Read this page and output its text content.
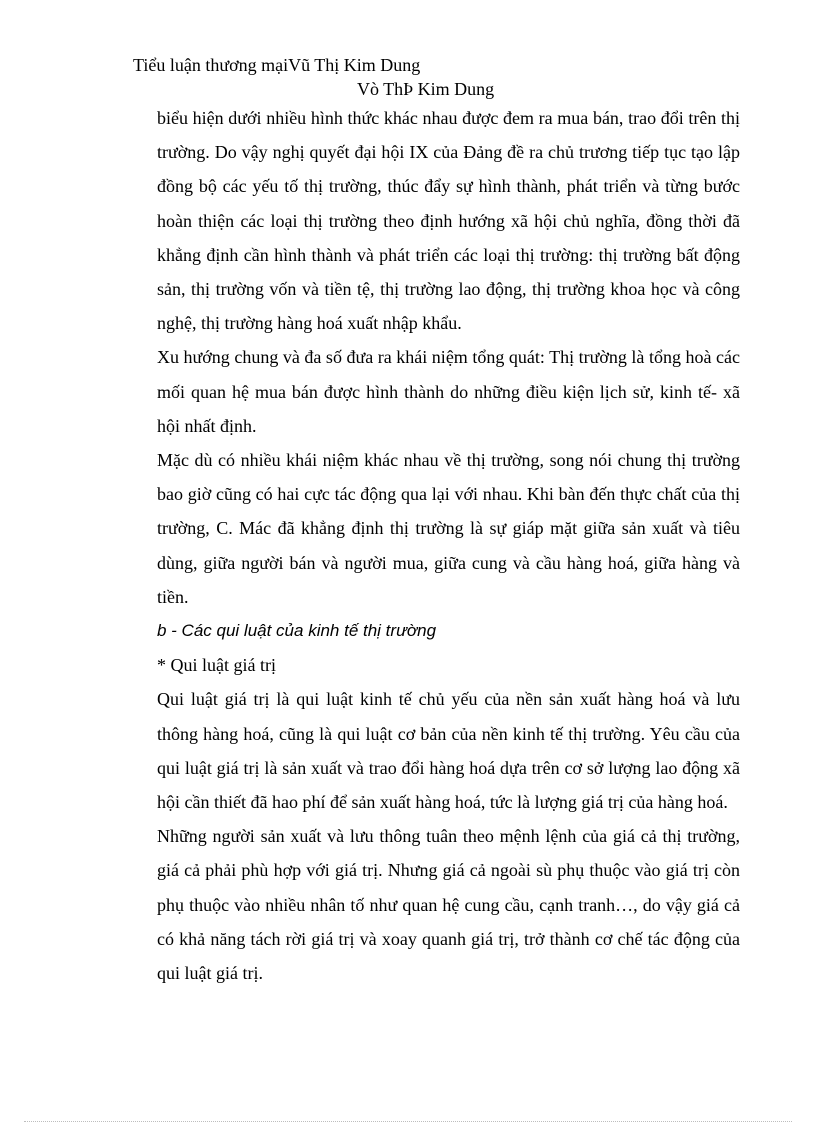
Tiểu luận thương mạiVũ Thị Kim Dung
Vò ThÞ Kim Dung

biểu hiện dưới nhiều hình thức khác nhau được đem ra mua bán, trao đổi trên thị trường. Do vậy nghị quyết đại hội IX của Đảng đề ra chủ trương tiếp tục tạo lập đồng bộ các yếu tố thị trường, thúc đẩy sự hình thành, phát triển và từng bước hoàn thiện các loại thị trường theo định hướng xã hội chủ nghĩa, đồng thời đã khẳng định cần hình thành và phát triển các loại thị trường: thị trường bất động sản, thị trường vốn và tiền tệ, thị trường lao động, thị trường khoa học và công nghệ, thị trường hàng hoá xuất nhập khẩu.

Xu hướng chung và đa số đưa ra khái niệm tổng quát: Thị trường là tổng hoà các mối quan hệ mua bán được hình thành do những điều kiện lịch sử, kinh tế- xã hội nhất định.

Mặc dù có nhiều khái niệm khác nhau về thị trường, song nói chung thị trường bao giờ cũng có hai cực tác động qua lại với nhau. Khi bàn đến thực chất của thị trường, C. Mác đã khẳng định thị trường là sự giáp mặt giữa sản xuất và tiêu dùng, giữa người bán và người mua, giữa cung và cầu hàng hoá, giữa hàng và tiền.

b - Các qui luật của kinh tế thị trường

* Qui luật giá trị

Qui luật giá trị là qui luật kinh tế chủ yếu của nền sản xuất hàng hoá và lưu thông hàng hoá, cũng là qui luật cơ bản của nền kinh tế thị trường. Yêu cầu của qui luật giá trị là sản xuất và trao đổi hàng hoá dựa trên cơ sở lượng lao động xã hội cần thiết đã hao phí để sản xuất hàng hoá, tức là lượng giá trị của hàng hoá.

Những người sản xuất và lưu thông tuân theo mệnh lệnh của giá cả thị trường, giá cả phải phù hợp với giá trị. Nhưng giá cả ngoài sù phụ thuộc vào giá trị còn phụ thuộc vào nhiều nhân tố như quan hệ cung cầu, cạnh tranh…, do vậy giá cả có khả năng tách rời giá trị và xoay quanh giá trị, trở thành cơ chế tác động của qui luật giá trị.
